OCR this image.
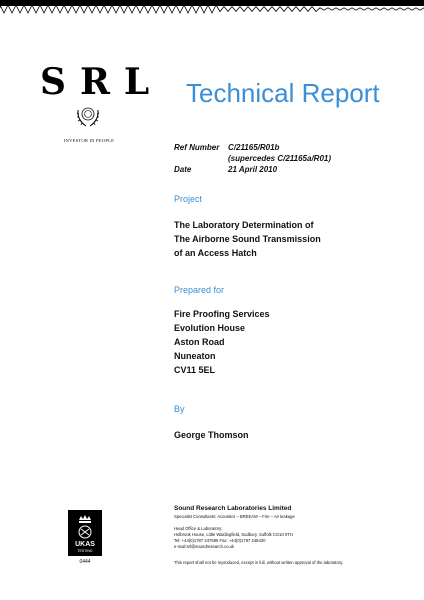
SRL
INVESTOR IN PEOPLE
Technical Report
Ref Number	C/21165/R01b
(supercedes C/21165a/R01)
Date	21 April 2010
Project
The Laboratory Determination of
The Airborne Sound Transmission
of an Access Hatch
Prepared for
Fire Proofing Services
Evolution House
Aston Road
Nuneaton
CV11 5EL
By
George Thomson
UKAS
TESTING
0444
Sound Research Laboratories Limited
Specialist Consultants: Acoustics – BREEAM – Fire – Air leakage
Head Office & Laboratory:
Holbrook House, Little Waldingfield, Sudbury, Suffolk CO10 0TH
Tel: +44(0)1787 247595 Fax: +44(0)1787 248420
e-mail:srl@soundresearch.co.uk
This report shall not be reproduced, except in full, without written approval of the laboratory.
